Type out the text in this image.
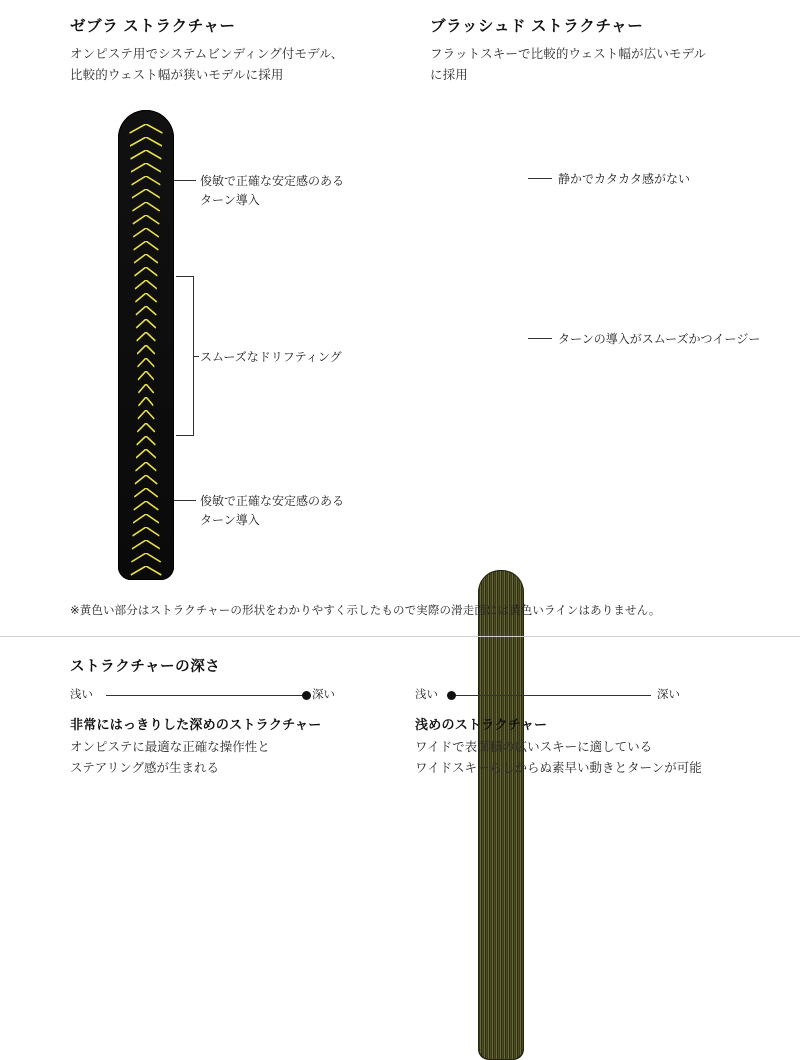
ゼブラ ストラクチャー
オンピステ用でシステムビンディング付モデル、
比較的ウェスト幅が狭いモデルに採用
ブラッシュド ストラクチャー
フラットスキーで比較的ウェスト幅が広いモデル
に採用
俊敏で正確な安定感のある
ターン導入
スムーズなドリフティング
俊敏で正確な安定感のある
ターン導入
静かでカタカタ感がない
ターンの導入がスムーズかつイージー
※黄色い部分はストラクチャーの形状をわかりやすく示したもので実際の滑走面には黄色いラインはありません。
ストラクチャーの深さ
浅い	深い
非常にはっきりした深めのストラクチャー
オンピステに最適な正確な操作性と
ステアリング感が生まれる
浅い	深い
浅めのストラクチャー
ワイドで表面積の広いスキーに適している
ワイドスキーらしからぬ素早い動きとターンが可能
